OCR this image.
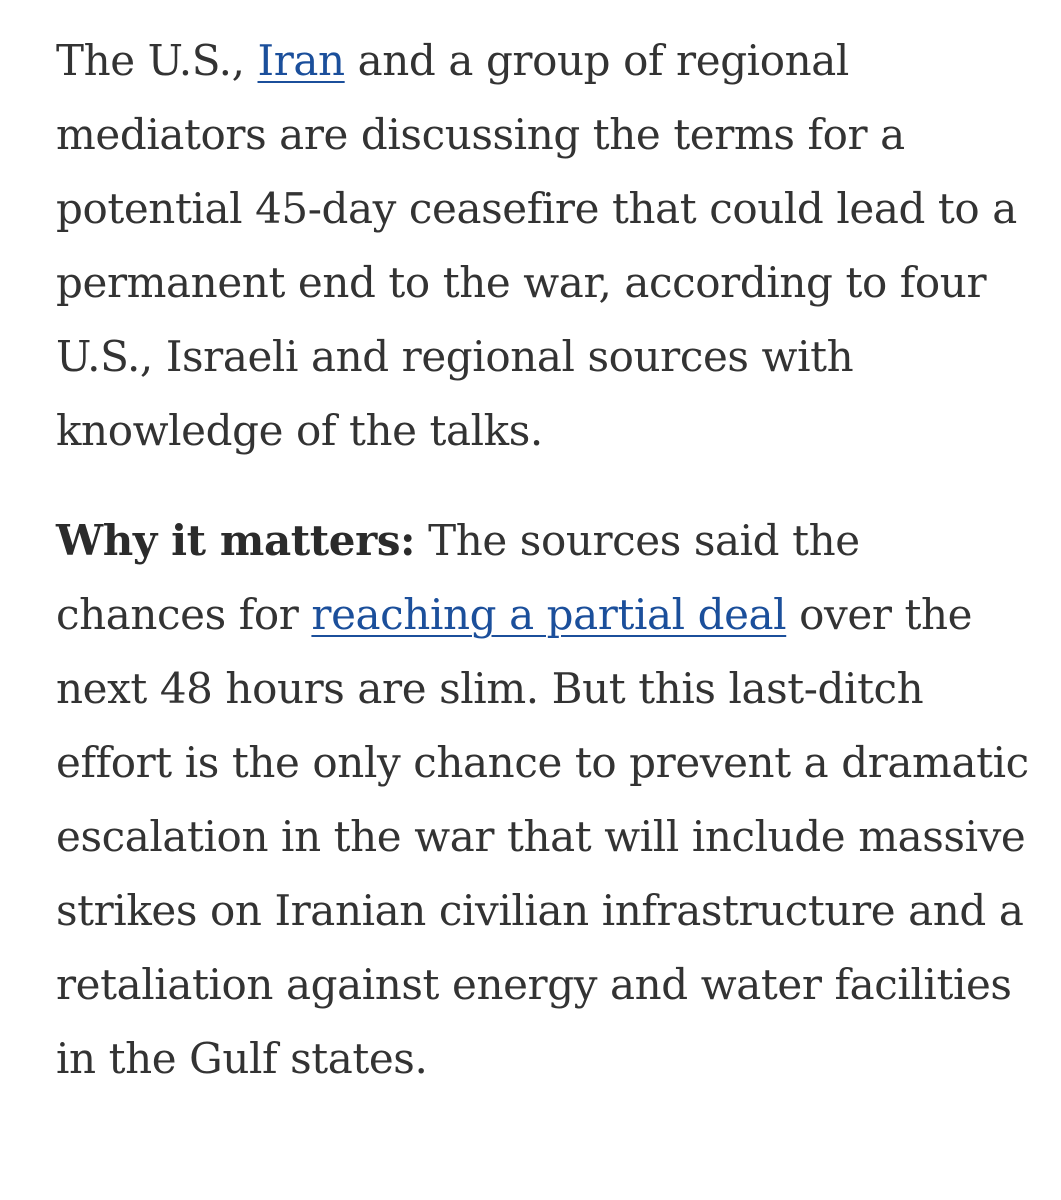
The U.S., Iran and a group of regional mediators are discussing the terms for a potential 45-day ceasefire that could lead to a permanent end to the war, according to four U.S., Israeli and regional sources with knowledge of the talks.

Why it matters: The sources said the chances for reaching a partial deal over the next 48 hours are slim. But this last-ditch effort is the only chance to prevent a dramatic escalation in the war that will include massive strikes on Iranian civilian infrastructure and a retaliation against energy and water facilities in the Gulf states.
